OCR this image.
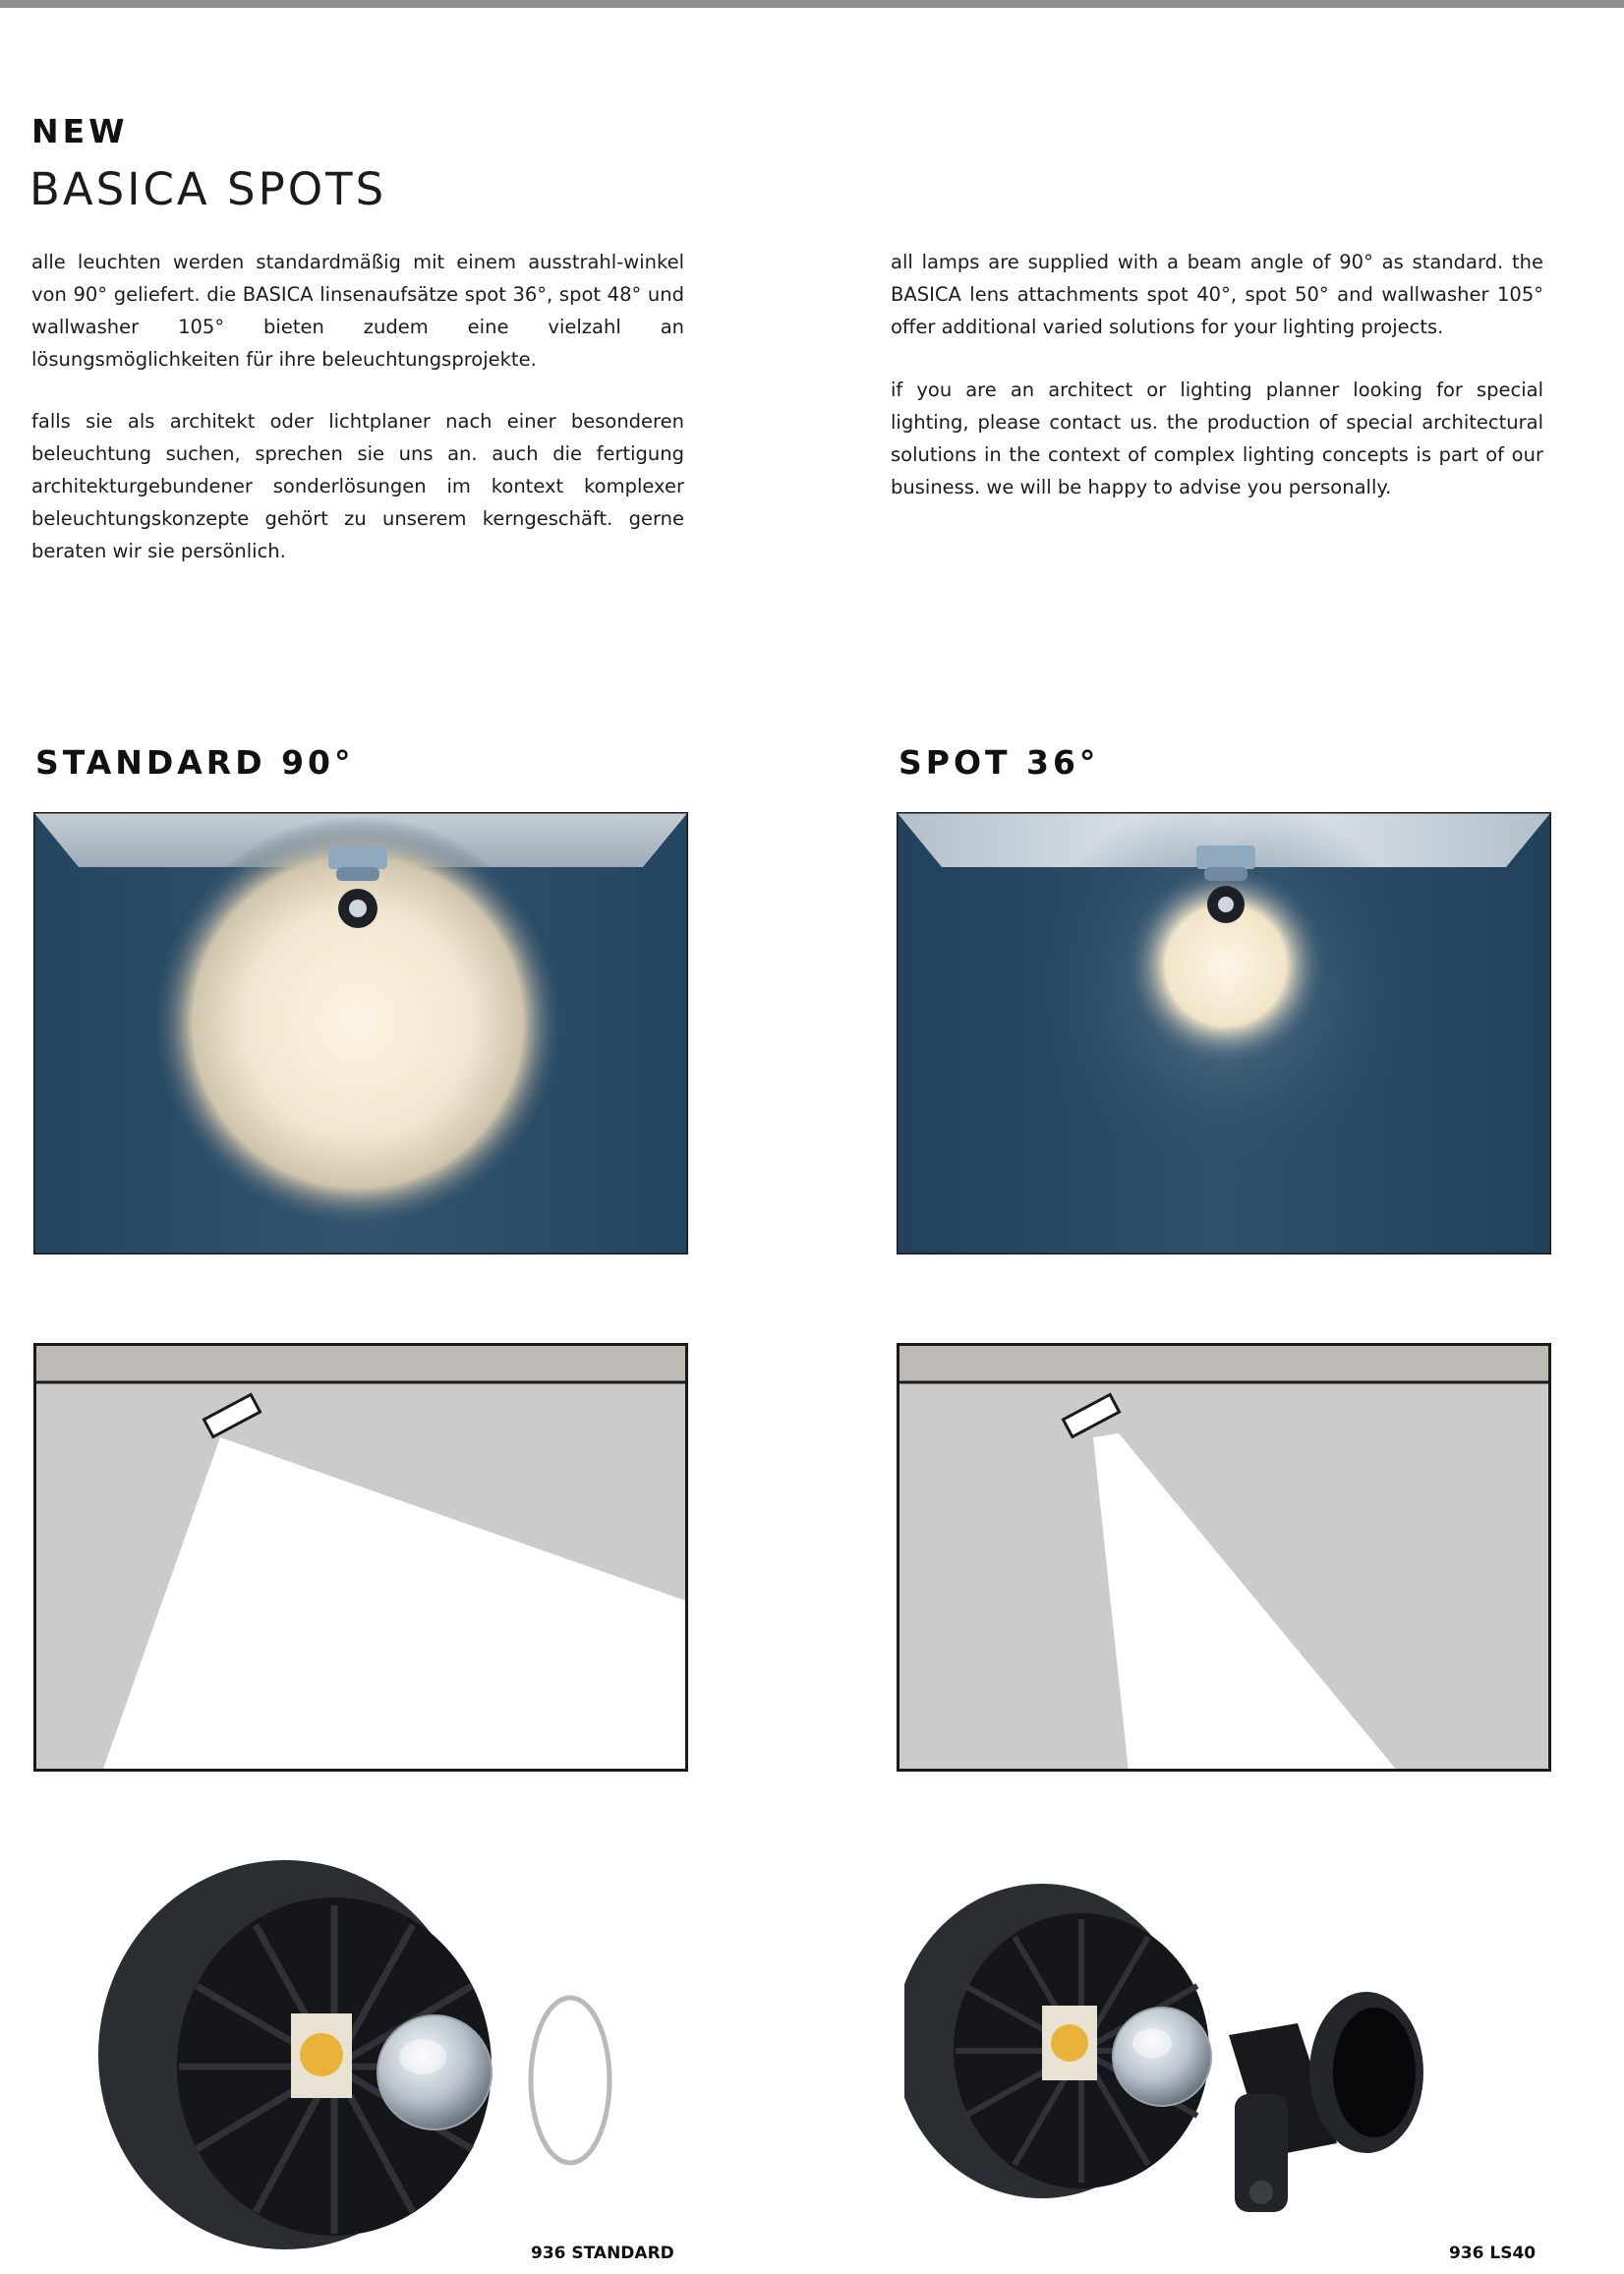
NEW
BASICA SPOTS

alle leuchten werden standardmäßig mit einem ausstrahl-winkel von 90° geliefert. die BASICA linsenaufsätze spot 36°, spot 48° und wallwasher 105° bieten zudem eine vielzahl an lösungsmöglichkeiten für ihre beleuchtungsprojekte.

falls sie als architekt oder lichtplaner nach einer besonderen beleuchtung suchen, sprechen sie uns an. auch die fertigung architekturgebundener sonderlösungen im kontext komplexer beleuchtungskonzepte gehört zu unserem kerngeschäft. gerne beraten wir sie persönlich.

all lamps are supplied with a beam angle of 90° as standard. the BASICA lens attachments spot 40°, spot 50° and wallwasher 105° offer additional varied solutions for your lighting projects.

if you are an architect or lighting planner looking for special lighting, please contact us. the production of special architectural solutions in the context of complex lighting concepts is part of our business. we will be happy to advise you personally.

STANDARD 90°	SPOT 36°
936 STANDARD	936 LS40
